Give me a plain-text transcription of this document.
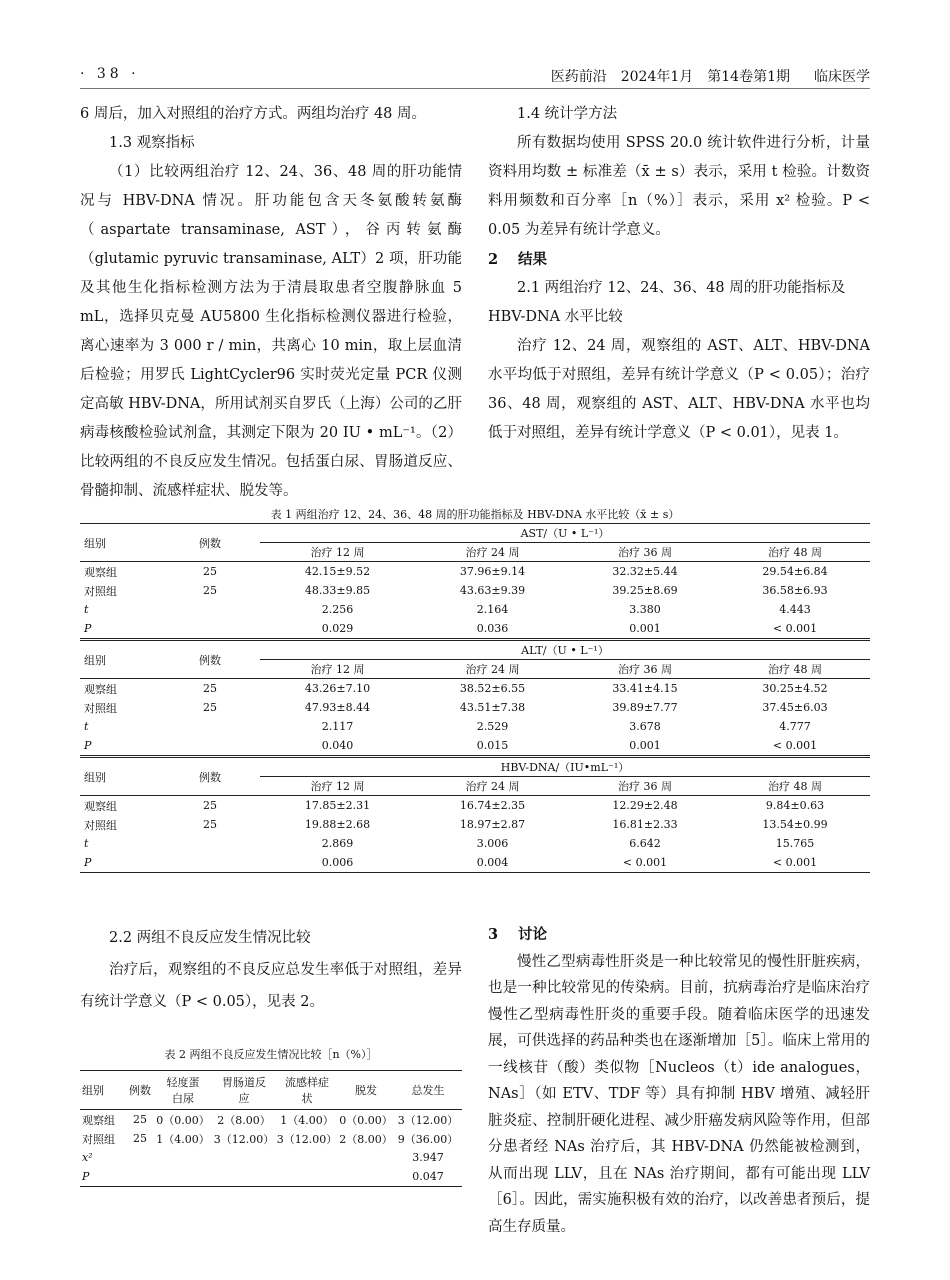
· 38 ·	医药前沿 2024年1月 第14卷第1期 临床医学

6 周后，加入对照组的治疗方式。两组均治疗 48 周。

1.3 观察指标

（1）比较两组治疗 12、24、36、48 周的肝功能情况与 HBV-DNA 情况。肝功能包含天冬氨酸转氨酶（aspartate transaminase, AST），谷丙转氨酶（glutamic pyruvic transaminase, ALT）2 项，肝功能及其他生化指标检测方法为于清晨取患者空腹静脉血 5 mL，选择贝克曼 AU5800 生化指标检测仪器进行检验，离心速率为 3 000 r / min，共离心 10 min，取上层血清后检验；用罗氏 LightCycler96 实时荧光定量 PCR 仪测定高敏 HBV-DNA，所用试剂买自罗氏（上海）公司的乙肝病毒核酸检验试剂盒，其测定下限为 20 IU • mL⁻¹。（2）比较两组的不良反应发生情况。包括蛋白尿、胃肠道反应、骨髓抑制、流感样症状、脱发等。

1.4 统计学方法

所有数据均使用 SPSS 20.0 统计软件进行分析，计量资料用均数 ± 标准差（x̄ ± s）表示，采用 t 检验。计数资料用频数和百分率［n（%）］表示，采用 x² 检验。P < 0.05 为差异有统计学意义。

2 结果

2.1 两组治疗 12、24、36、48 周的肝功能指标及 HBV-DNA 水平比较

治疗 12、24 周，观察组的 AST、ALT、HBV-DNA 水平均低于对照组，差异有统计学意义（P < 0.05）；治疗 36、48 周，观察组的 AST、ALT、HBV-DNA 水平也均低于对照组，差异有统计学意义（P < 0.01），见表 1。

表 1 两组治疗 12、24、36、48 周的肝功能指标及 HBV-DNA 水平比较（x̄ ± s）
组别	例数	AST/（U • L⁻¹）			
		治疗 12 周	治疗 24 周	治疗 36 周	治疗 48 周
观察组	25	42.15±9.52	37.96±9.14	32.32±5.44	29.54±6.84
对照组	25	48.33±9.85	43.63±9.39	39.25±8.69	36.58±6.93
t		2.256	2.164	3.380	4.443
P		0.029	0.036	0.001	< 0.001
组别	例数	ALT/（U • L⁻¹）			
		治疗 12 周	治疗 24 周	治疗 36 周	治疗 48 周
观察组	25	43.26±7.10	38.52±6.55	33.41±4.15	30.25±4.52
对照组	25	47.93±8.44	43.51±7.38	39.89±7.77	37.45±6.03
t		2.117	2.529	3.678	4.777
P		0.040	0.015	0.001	< 0.001
组别	例数	HBV-DNA/（IU•mL⁻¹）			
		治疗 12 周	治疗 24 周	治疗 36 周	治疗 48 周
观察组	25	17.85±2.31	16.74±2.35	12.29±2.48	9.84±0.63
对照组	25	19.88±2.68	18.97±2.87	16.81±2.33	13.54±0.99
t		2.869	3.006	6.642	15.765
P		0.006	0.004	< 0.001	< 0.001

2.2 两组不良反应发生情况比较

治疗后，观察组的不良反应总发生率低于对照组，差异有统计学意义（P < 0.05），见表 2。

表 2 两组不良反应发生情况比较［n（%）］
组别	例数	轻度蛋白尿	胃肠道反应	流感样症状	脱发	总发生
观察组	25	0（0.00）	2（8.00）	1（4.00）	0（0.00）	3（12.00）
对照组	25	1（4.00）	3（12.00）	3（12.00）	2（8.00）	9（36.00）
x²						3.947
P						0.047

3 讨论

慢性乙型病毒性肝炎是一种比较常见的慢性肝脏疾病，也是一种比较常见的传染病。目前，抗病毒治疗是临床治疗慢性乙型病毒性肝炎的重要手段。随着临床医学的迅速发展，可供选择的药品种类也在逐渐增加［5］。临床上常用的一线核苷（酸）类似物［Nucleos（t）ide analogues，NAs］（如 ETV、TDF 等）具有抑制 HBV 增殖、减轻肝脏炎症、控制肝硬化进程、减少肝癌发病风险等作用，但部分患者经 NAs 治疗后，其 HBV-DNA 仍然能被检测到，从而出现 LLV，且在 NAs 治疗期间，都有可能出现 LLV［6］。因此，需实施积极有效的治疗，以改善患者预后，提高生存质量。
